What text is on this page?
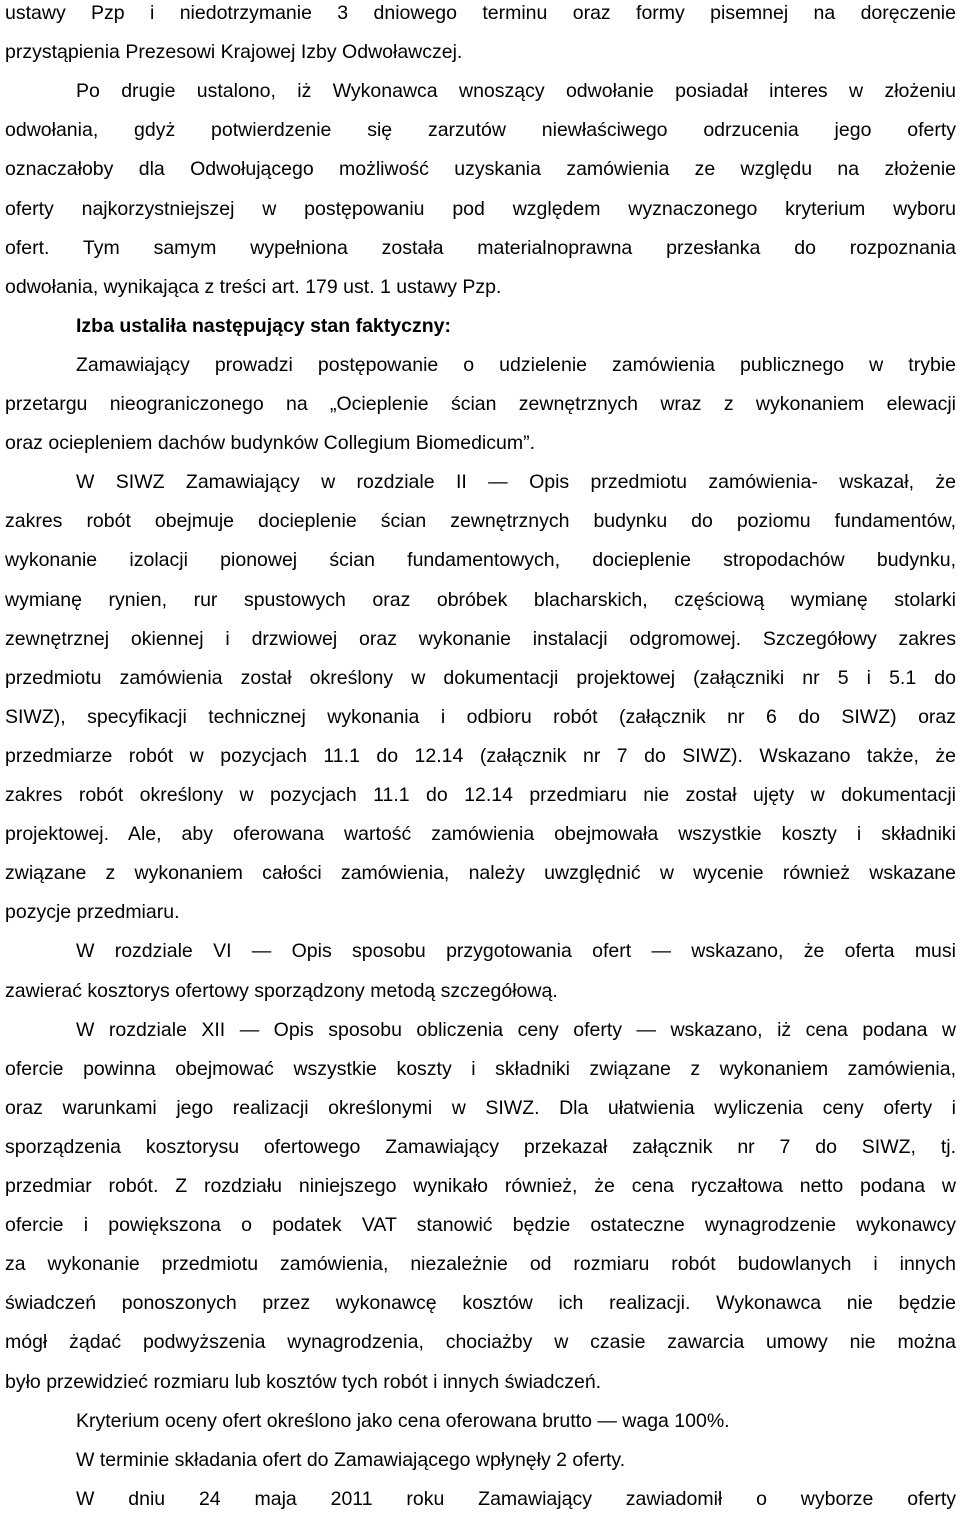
ustawy Pzp i niedotrzymanie 3 dniowego terminu oraz formy pisemnej na doręczenie
przystąpienia Prezesowi Krajowej Izby Odwoławczej.
Po drugie ustalono, iż Wykonawca wnoszący odwołanie posiadał interes w złożeniu
odwołania, gdyż potwierdzenie się zarzutów niewłaściwego odrzucenia jego oferty
oznaczałoby dla Odwołującego możliwość uzyskania zamówienia ze względu na złożenie
oferty najkorzystniejszej w postępowaniu pod względem wyznaczonego kryterium wyboru
ofert. Tym samym wypełniona została materialnoprawna przesłanka do rozpoznania
odwołania, wynikająca z treści art. 179 ust. 1 ustawy Pzp.
Izba ustaliła następujący stan faktyczny:
Zamawiający prowadzi postępowanie o udzielenie zamówienia publicznego w trybie
przetargu nieograniczonego na „Ocieplenie ścian zewnętrznych wraz z wykonaniem elewacji
oraz ociepleniem dachów budynków Collegium Biomedicum”.
W SIWZ Zamawiający w rozdziale II — Opis przedmiotu zamówienia- wskazał, że
zakres robót obejmuje docieplenie ścian zewnętrznych budynku do poziomu fundamentów,
wykonanie izolacji pionowej ścian fundamentowych, docieplenie stropodachów budynku,
wymianę rynien, rur spustowych oraz obróbek blacharskich, częściową wymianę stolarki
zewnętrznej okiennej i drzwiowej oraz wykonanie instalacji odgromowej. Szczegółowy zakres
przedmiotu zamówienia został określony w dokumentacji projektowej (załączniki nr 5 i 5.1 do
SIWZ), specyfikacji technicznej wykonania i odbioru robót (załącznik nr 6 do SIWZ) oraz
przedmiarze robót w pozycjach 11.1 do 12.14 (załącznik nr 7 do SIWZ). Wskazano także, że
zakres robót określony w pozycjach 11.1 do 12.14 przedmiaru nie został ujęty w dokumentacji
projektowej. Ale, aby oferowana wartość zamówienia obejmowała wszystkie koszty i składniki
związane z wykonaniem całości zamówienia, należy uwzględnić w wycenie również wskazane
pozycje przedmiaru.
W rozdziale VI — Opis sposobu przygotowania ofert — wskazano, że oferta musi
zawierać kosztorys ofertowy sporządzony metodą szczegółową.
W rozdziale XII — Opis sposobu obliczenia ceny oferty — wskazano, iż cena podana w
ofercie powinna obejmować wszystkie koszty i składniki związane z wykonaniem zamówienia,
oraz warunkami jego realizacji określonymi w SIWZ. Dla ułatwienia wyliczenia ceny oferty i
sporządzenia kosztorysu ofertowego Zamawiający przekazał załącznik nr 7 do SIWZ, tj.
przedmiar robót. Z rozdziału niniejszego wynikało również, że cena ryczałtowa netto podana w
ofercie i powiększona o podatek VAT stanowić będzie ostateczne wynagrodzenie wykonawcy
za wykonanie przedmiotu zamówienia, niezależnie od rozmiaru robót budowlanych i innych
świadczeń ponoszonych przez wykonawcę kosztów ich realizacji. Wykonawca nie będzie
mógł żądać podwyższenia wynagrodzenia, chociażby w czasie zawarcia umowy nie można
było przewidzieć rozmiaru lub kosztów tych robót i innych świadczeń.
Kryterium oceny ofert określono jako cena oferowana brutto — waga 100%.
W terminie składania ofert do Zamawiającego wpłynęły 2 oferty.
W dniu 24 maja 2011 roku Zamawiający zawiadomił o wyborze oferty
